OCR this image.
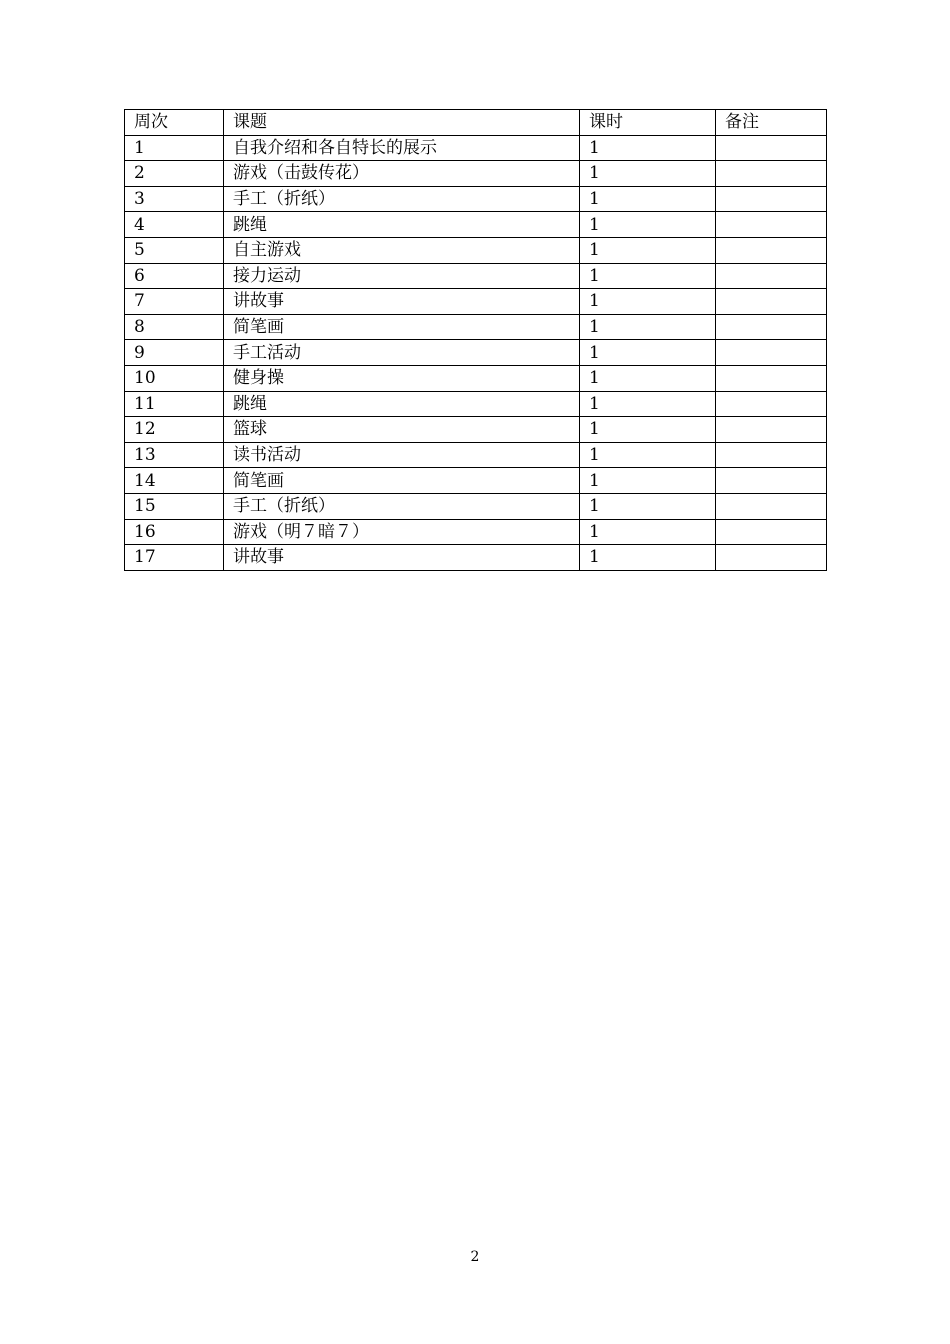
周次	课题	课时	备注
1	自我介绍和各自特长的展示	1	
2	游戏（击鼓传花）	1	
3	手工（折纸）	1	
4	跳绳	1	
5	自主游戏	1	
6	接力运动	1	
7	讲故事	1	
8	简笔画	1	
9	手工活动	1	
10	健身操	1	
11	跳绳	1	
12	篮球	1	
13	读书活动	1	
14	简笔画	1	
15	手工（折纸）	1	
16	游戏（明７暗７）	1	
17	讲故事	1	
2
